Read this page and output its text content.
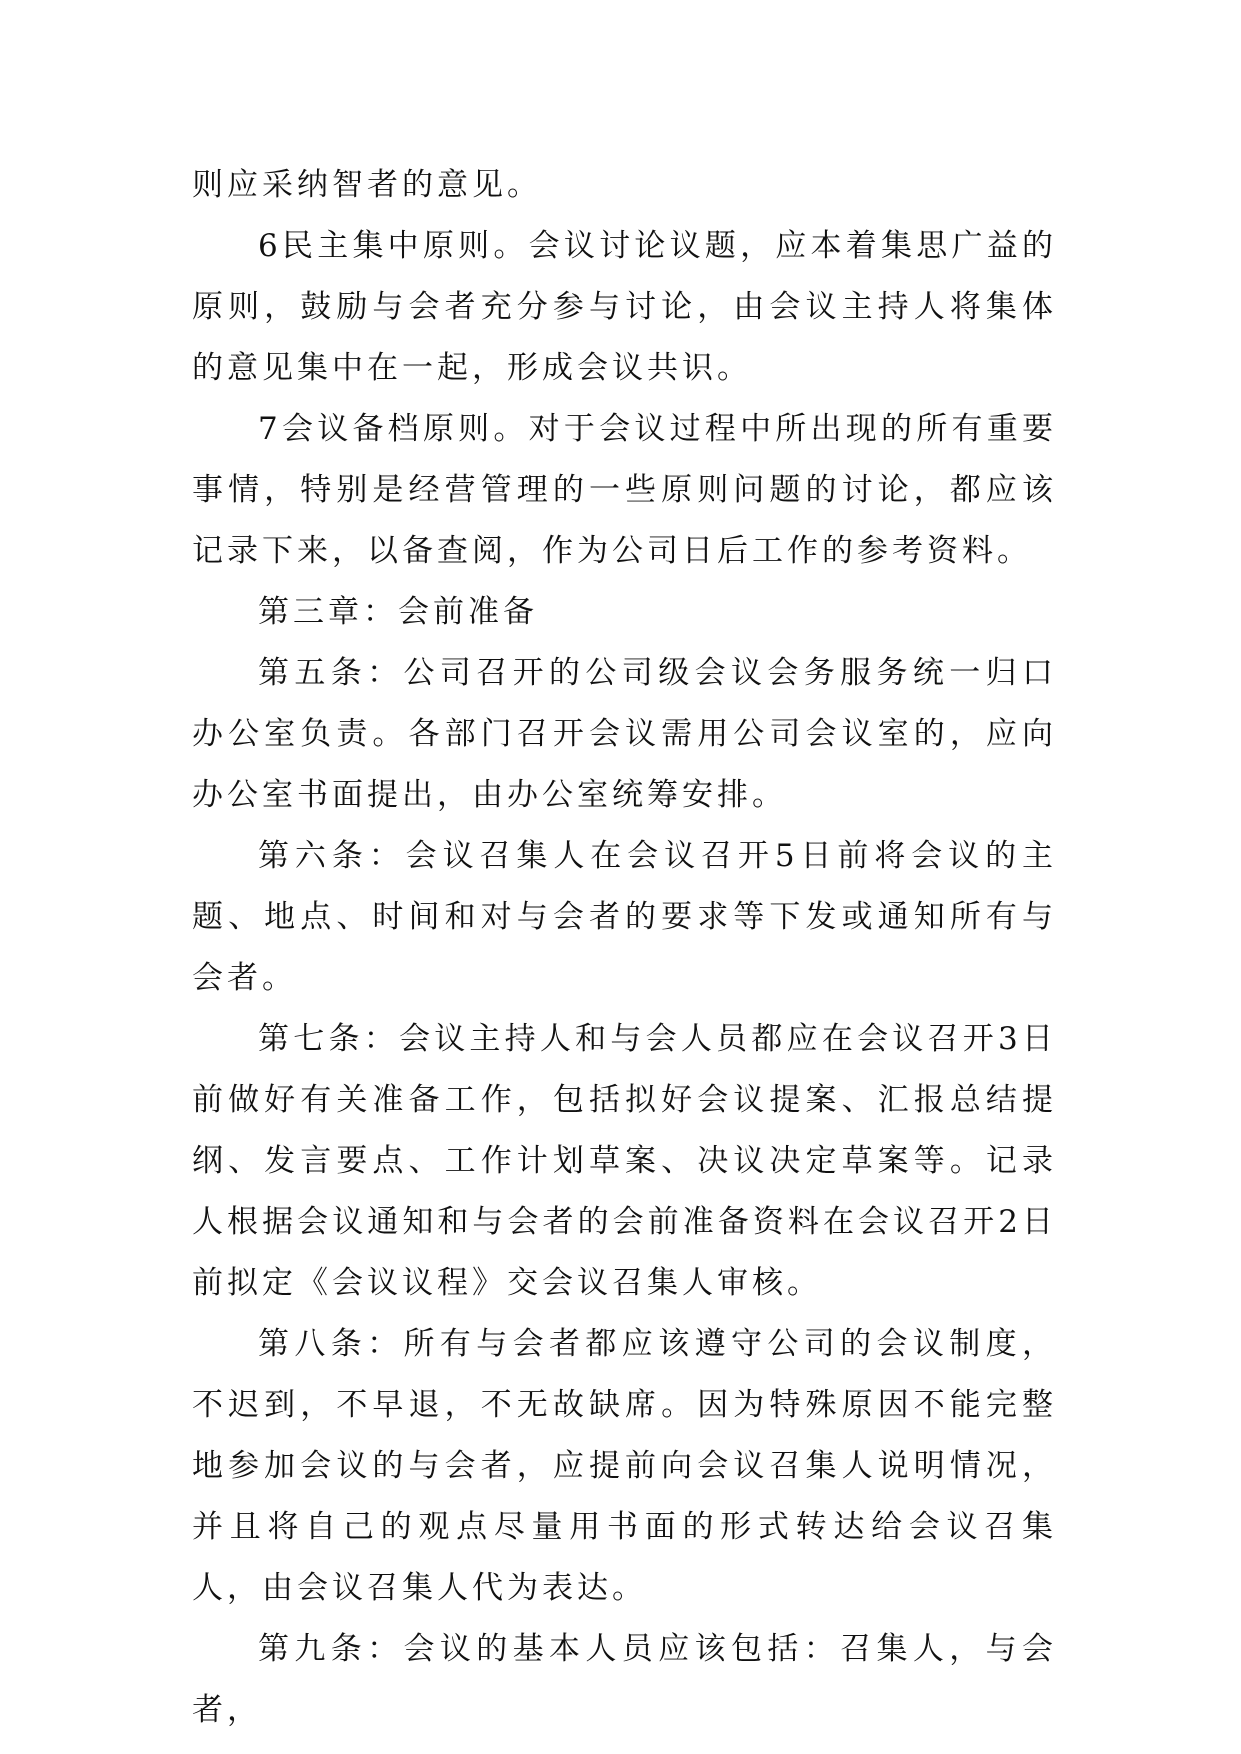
则应采纳智者的意见。

6民主集中原则。会议讨论议题，应本着集思广益的原则，鼓励与会者充分参与讨论，由会议主持人将集体的意见集中在一起，形成会议共识。

7会议备档原则。对于会议过程中所出现的所有重要事情，特别是经营管理的一些原则问题的讨论，都应该记录下来，以备查阅，作为公司日后工作的参考资料。

第三章：会前准备

第五条：公司召开的公司级会议会务服务统一归口办公室负责。各部门召开会议需用公司会议室的，应向办公室书面提出，由办公室统筹安排。

第六条：会议召集人在会议召开5日前将会议的主题、地点、时间和对与会者的要求等下发或通知所有与会者。

第七条：会议主持人和与会人员都应在会议召开3日前做好有关准备工作，包括拟好会议提案、汇报总结提纲、发言要点、工作计划草案、决议决定草案等。记录人根据会议通知和与会者的会前准备资料在会议召开2日前拟定《会议议程》交会议召集人审核。

第八条：所有与会者都应该遵守公司的会议制度，不迟到，不早退，不无故缺席。因为特殊原因不能完整地参加会议的与会者，应提前向会议召集人说明情况，并且将自己的观点尽量用书面的形式转达给会议召集人，由会议召集人代为表达。

第九条：会议的基本人员应该包括：召集人，与会者，
